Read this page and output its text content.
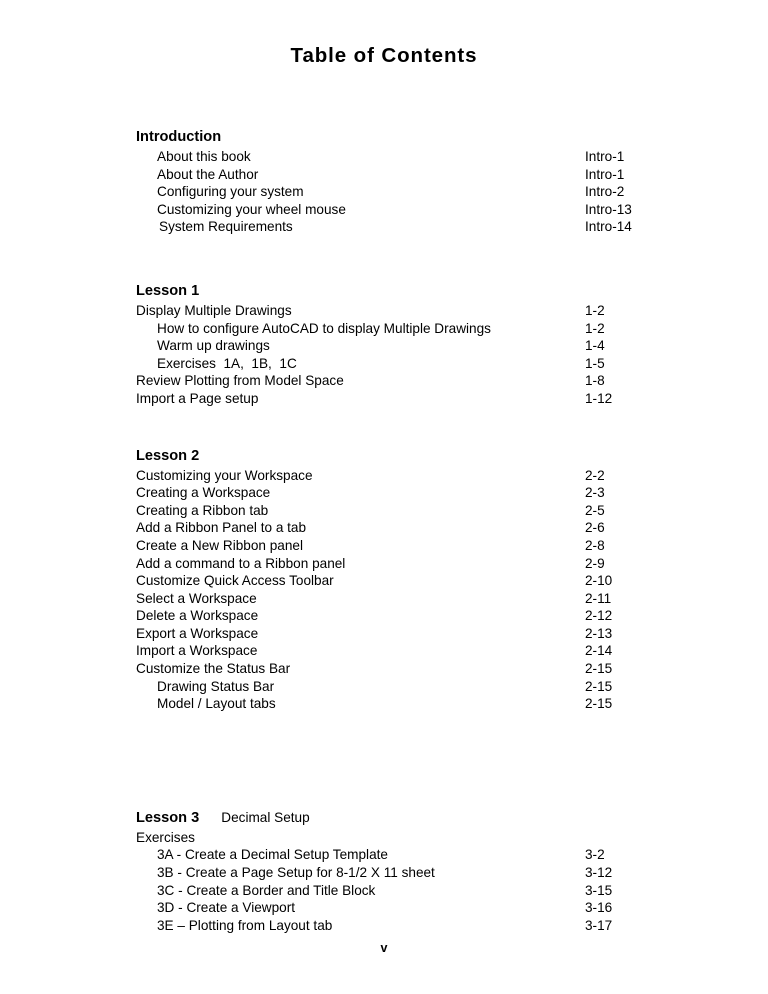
Table of Contents
Introduction
About this book	Intro-1
About the Author	Intro-1
Configuring your system	Intro-2
Customizing your wheel mouse	Intro-13
System Requirements	Intro-14
Lesson 1
Display Multiple Drawings	1-2
How to configure AutoCAD to display Multiple Drawings	1-2
Warm up drawings	1-4
Exercises  1A,  1B,  1C	1-5
Review Plotting from Model Space	1-8
Import a Page setup	1-12
Lesson 2
Customizing your Workspace	2-2
Creating a Workspace	2-3
Creating a Ribbon tab	2-5
Add a Ribbon Panel to a tab	2-6
Create a New Ribbon panel	2-8
Add a command to a Ribbon panel	2-9
Customize Quick Access Toolbar	2-10
Select a Workspace	2-11
Delete a Workspace	2-12
Export a Workspace	2-13
Import a Workspace	2-14
Customize the Status Bar	2-15
Drawing Status Bar	2-15
Model / Layout tabs	2-15
Lesson 3 Decimal Setup
Exercises
3A - Create a Decimal Setup Template	3-2
3B - Create a Page Setup for 8-1/2 X 11 sheet	3-12
3C - Create a Border and Title Block	3-15
3D - Create a Viewport	3-16
3E – Plotting from Layout tab	3-17
v
